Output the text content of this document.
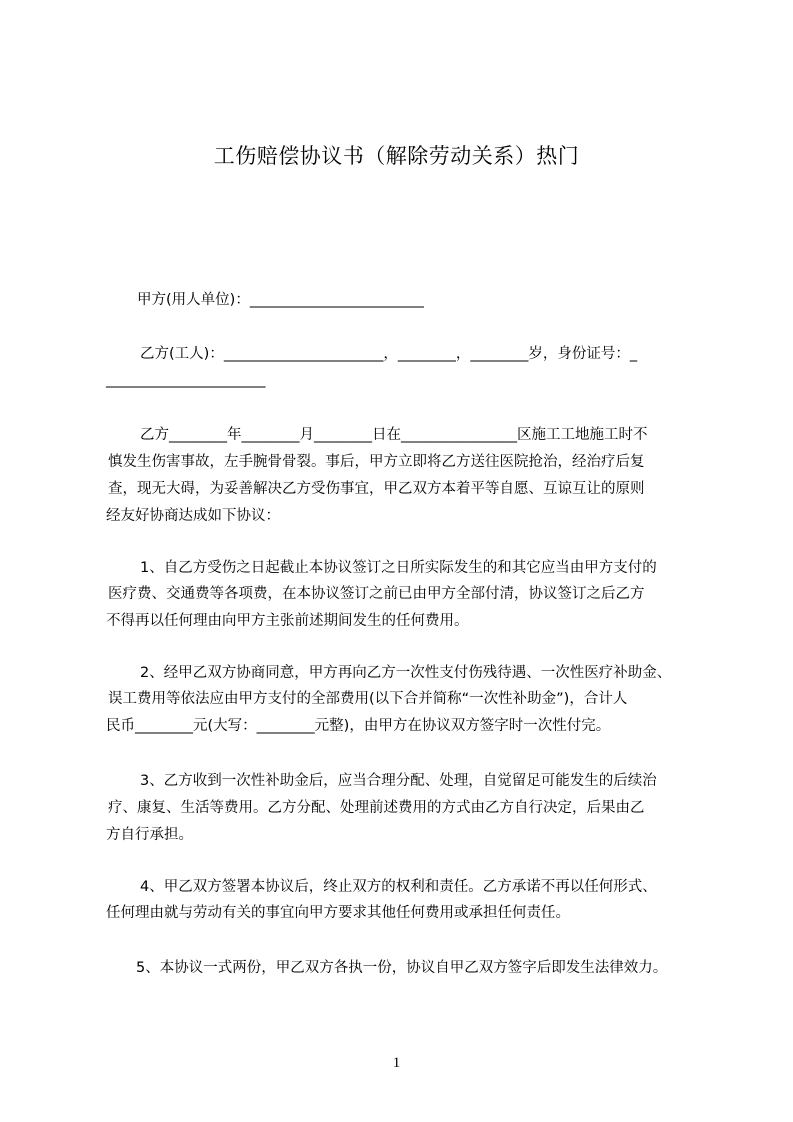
工伤赔偿协议书（解除劳动关系）热门
甲方(用人单位)：________________________
乙方(工人)：______________________，________，________岁，身份证号：_
______________________
乙方________年________月________日在________________区施工工地施工时不
慎发生伤害事故，左手腕骨骨裂。事后，甲方立即将乙方送往医院抢治，经治疗后复
查，现无大碍，为妥善解决乙方受伤事宜，甲乙双方本着平等自愿、互谅互让的原则
经友好协商达成如下协议：
1、自乙方受伤之日起截止本协议签订之日所实际发生的和其它应当由甲方支付的
医疗费、交通费等各项费，在本协议签订之前已由甲方全部付清，协议签订之后乙方
不得再以任何理由向甲方主张前述期间发生的任何费用。
2、经甲乙双方协商同意，甲方再向乙方一次性支付伤残待遇、一次性医疗补助金、
误工费用等依法应由甲方支付的全部费用(以下合并简称“一次性补助金”)，合计人
民币________元(大写：________元整)，由甲方在协议双方签字时一次性付完。
3、乙方收到一次性补助金后，应当合理分配、处理，自觉留足可能发生的后续治
疗、康复、生活等费用。乙方分配、处理前述费用的方式由乙方自行决定，后果由乙
方自行承担。
4、甲乙双方签署本协议后，终止双方的权利和责任。乙方承诺不再以任何形式、
任何理由就与劳动有关的事宜向甲方要求其他任何费用或承担任何责任。
5、本协议一式两份，甲乙双方各执一份，协议自甲乙双方签字后即发生法律效力。
1
